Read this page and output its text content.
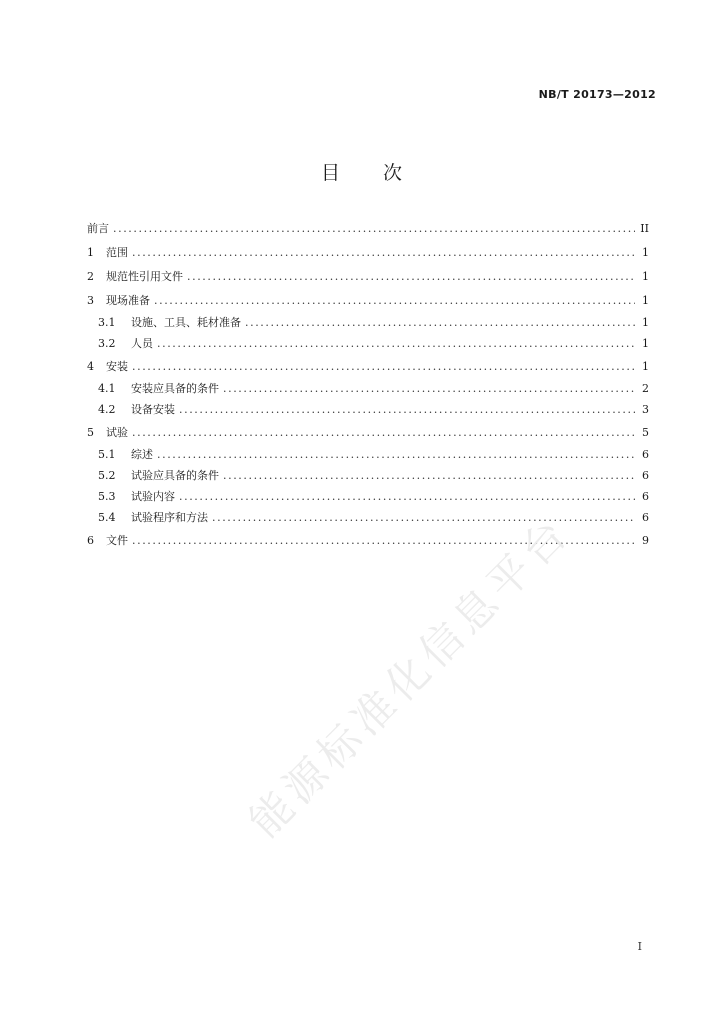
NB/T 20173—2012
目 次
前言 .....	II
1	范围 .....	1
2	规范性引用文件 .....	1
3	现场准备 .....	1
3.1	设施、工具、耗材准备 .....	1
3.2	人员 .....	1
4	安装 .....	1
4.1	安装应具备的条件 .....	2
4.2	设备安装 .....	3
5	试验 .....	5
5.1	综述 .....	6
5.2	试验应具备的条件 .....	6
5.3	试验内容 .....	6
5.4	试验程序和方法 .....	6
6	文件 .....	9
能源标准化信息平台
I
